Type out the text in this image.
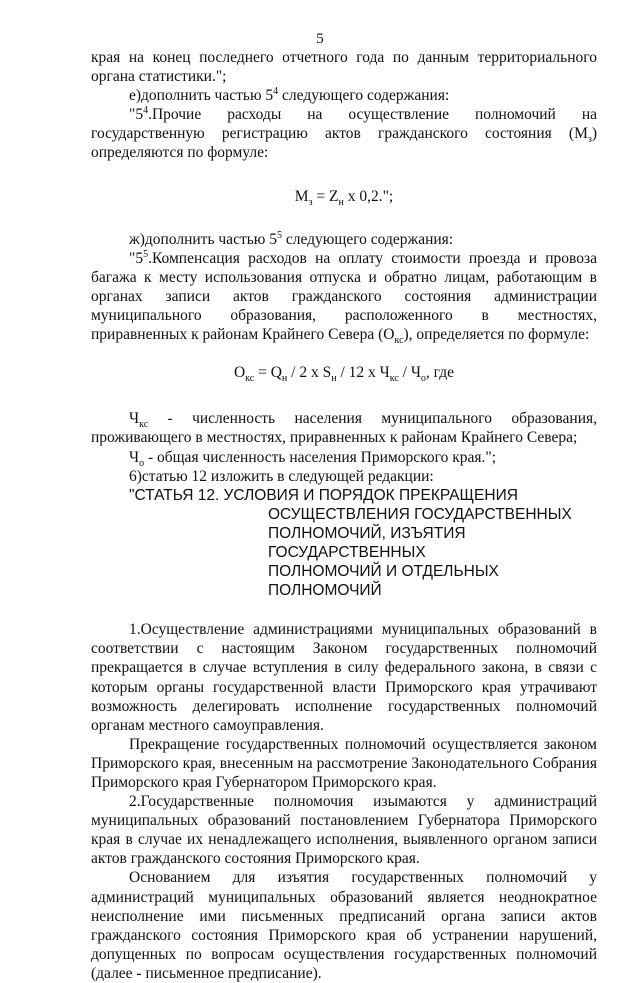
5

края на конец последнего отчетного года по данным территориального органа статистики.";

е)дополнить частью $5^4$ следующего содержания:

"$5^4.Прочие$ расходы на осуществление полномочий на государственную регистрацию актов гражданского состояния $(М_з)$ определяются по формуле:

$М_з = Z_н$ х 0,2.";

ж)дополнить частью $5^5$ следующего содержания:

"$5^5.Компенсация$ расходов на оплату стоимости проезда и провоза багажа к месту использования отпуска и обратно лицам, работающим в органах записи актов гражданского состояния администрации муниципального образования, расположенного в местностях, приравненных к районам Крайнего Севера $(О_{кс})$, определяется по формуле:

$О_{кс} = Q_н / 2$ х $S_н / 12$ х $Ч_{кс} / Ч_о$, где

$Ч_{кс}$ - численность населения муниципального образования, проживающего в местностях, приравненных к районам Крайнего Севера;

$Ч_о$ - общая численность населения Приморского края.";

6)статью 12 изложить в следующей редакции:

"СТАТЬЯ 12. УСЛОВИЯ И ПОРЯДОК ПРЕКРАЩЕНИЯ
ОСУЩЕСТВЛЕНИЯ ГОСУДАРСТВЕННЫХ
ПОЛНОМОЧИЙ, ИЗЪЯТИЯ ГОСУДАРСТВЕННЫХ
ПОЛНОМОЧИЙ И ОТДЕЛЬНЫХ ПОЛНОМОЧИЙ

1.Осуществление администрациями муниципальных образований в соответствии с настоящим Законом государственных полномочий прекращается в случае вступления в силу федерального закона, в связи с которым органы государственной власти Приморского края утрачивают возможность делегировать исполнение государственных полномочий органам местного самоуправления.

Прекращение государственных полномочий осуществляется законом Приморского края, внесенным на рассмотрение Законодательного Собрания Приморского края Губернатором Приморского края.

2.Государственные полномочия изымаются у администраций муниципальных образований постановлением Губернатора Приморского края в случае их ненадлежащего исполнения, выявленного органом записи актов гражданского состояния Приморского края.

Основанием для изъятия государственных полномочий у администраций муниципальных образований является неоднократное неисполнение ими письменных предписаний органа записи актов гражданского состояния Приморского края об устранении нарушений, допущенных по вопросам осуществления государственных полномочий (далее - письменное предписание).
